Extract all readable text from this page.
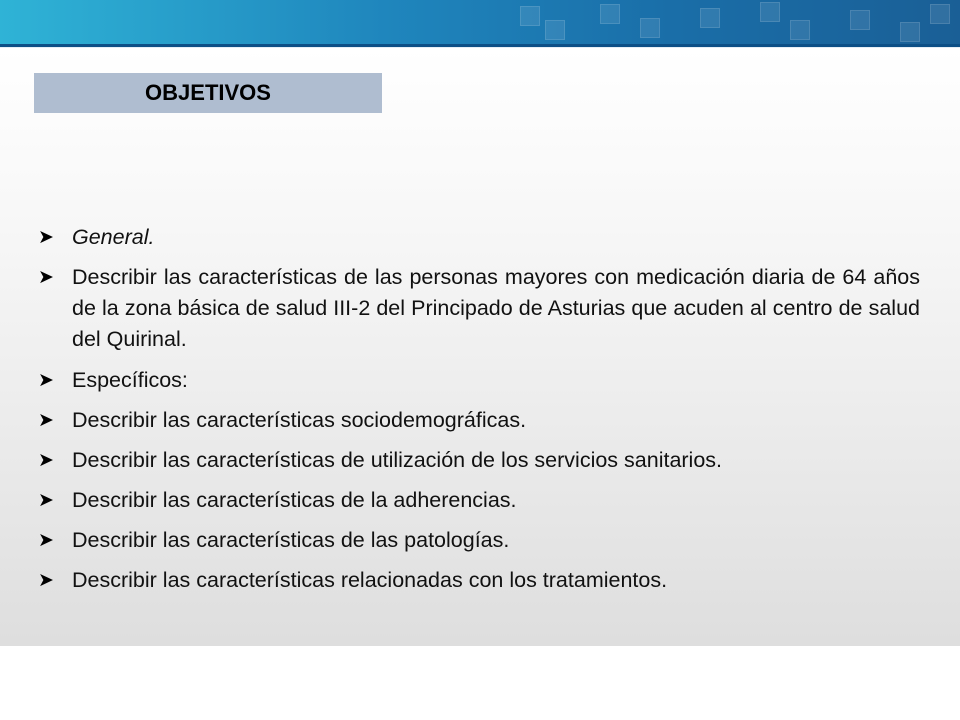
OBJETIVOS
➤ General.
➤ Describir las características de las personas mayores con medicación diaria de 64 años de la zona básica de salud III-2 del Principado de Asturias que acuden al centro de salud del Quirinal.
➤ Específicos:
➤ Describir las características sociodemográficas.
➤ Describir las características de utilización de los servicios sanitarios.
➤ Describir las características de la adherencias.
➤ Describir las características de las patologías.
➤ Describir las características relacionadas con los tratamientos.
